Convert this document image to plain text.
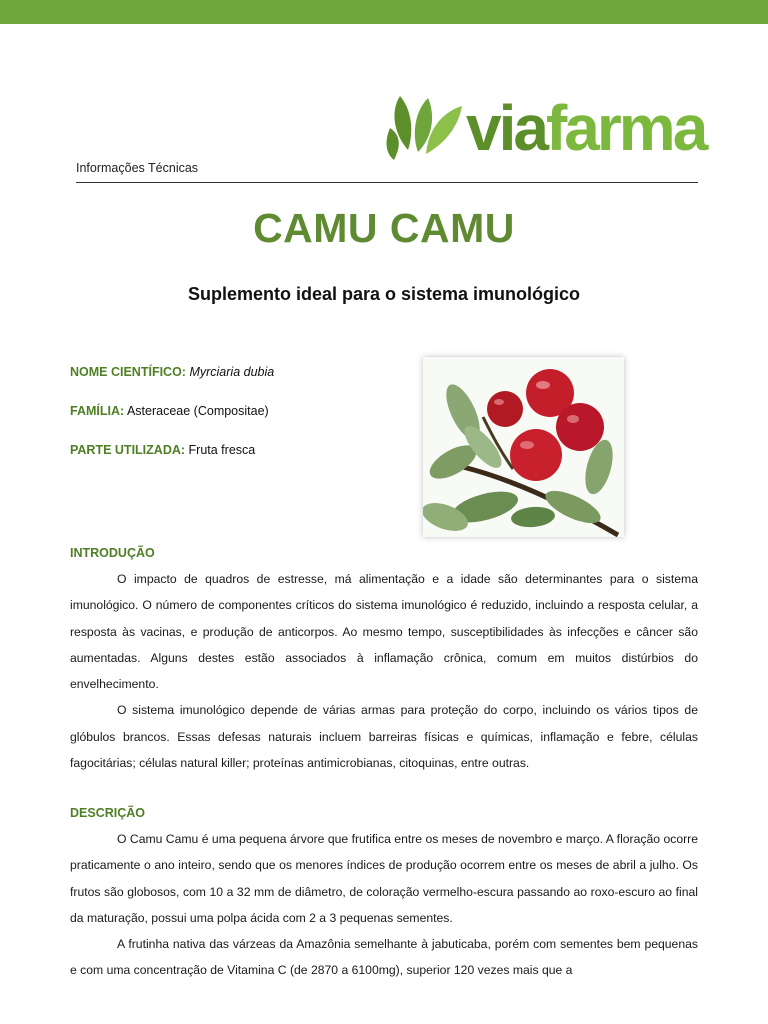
viafarma
Informações Técnicas
CAMU CAMU
Suplemento ideal para o sistema imunológico
NOME CIENTÍFICO: Myrciaria dubia
FAMÍLIA: Asteraceae (Compositae)
PARTE UTILIZADA: Fruta fresca
INTRODUÇÃO

O impacto de quadros de estresse, má alimentação e a idade são determinantes para o sistema imunológico. O número de componentes críticos do sistema imunológico é reduzido, incluindo a resposta celular, a resposta às vacinas, e produção de anticorpos. Ao mesmo tempo, susceptibilidades às infecções e câncer são aumentadas. Alguns destes estão associados à inflamação crônica, comum em muitos distúrbios do envelhecimento.

O sistema imunológico depende de várias armas para proteção do corpo, incluindo os vários tipos de glóbulos brancos. Essas defesas naturais incluem barreiras físicas e químicas, inflamação e febre, células fagocitárias; células natural killer; proteínas antimicrobianas, citoquinas, entre outras.

DESCRIÇÃO

O Camu Camu é uma pequena árvore que frutifica entre os meses de novembro e março. A floração ocorre praticamente o ano inteiro, sendo que os menores índices de produção ocorrem entre os meses de abril a julho. Os frutos são globosos, com 10 a 32 mm de diâmetro, de coloração vermelho-escura passando ao roxo-escuro ao final da maturação, possui uma polpa ácida com 2 a 3 pequenas sementes.

A frutinha nativa das várzeas da Amazônia semelhante à jabuticaba, porém com sementes bem pequenas e com uma concentração de Vitamina C (de 2870 a 6100mg), superior 120 vezes mais que a
